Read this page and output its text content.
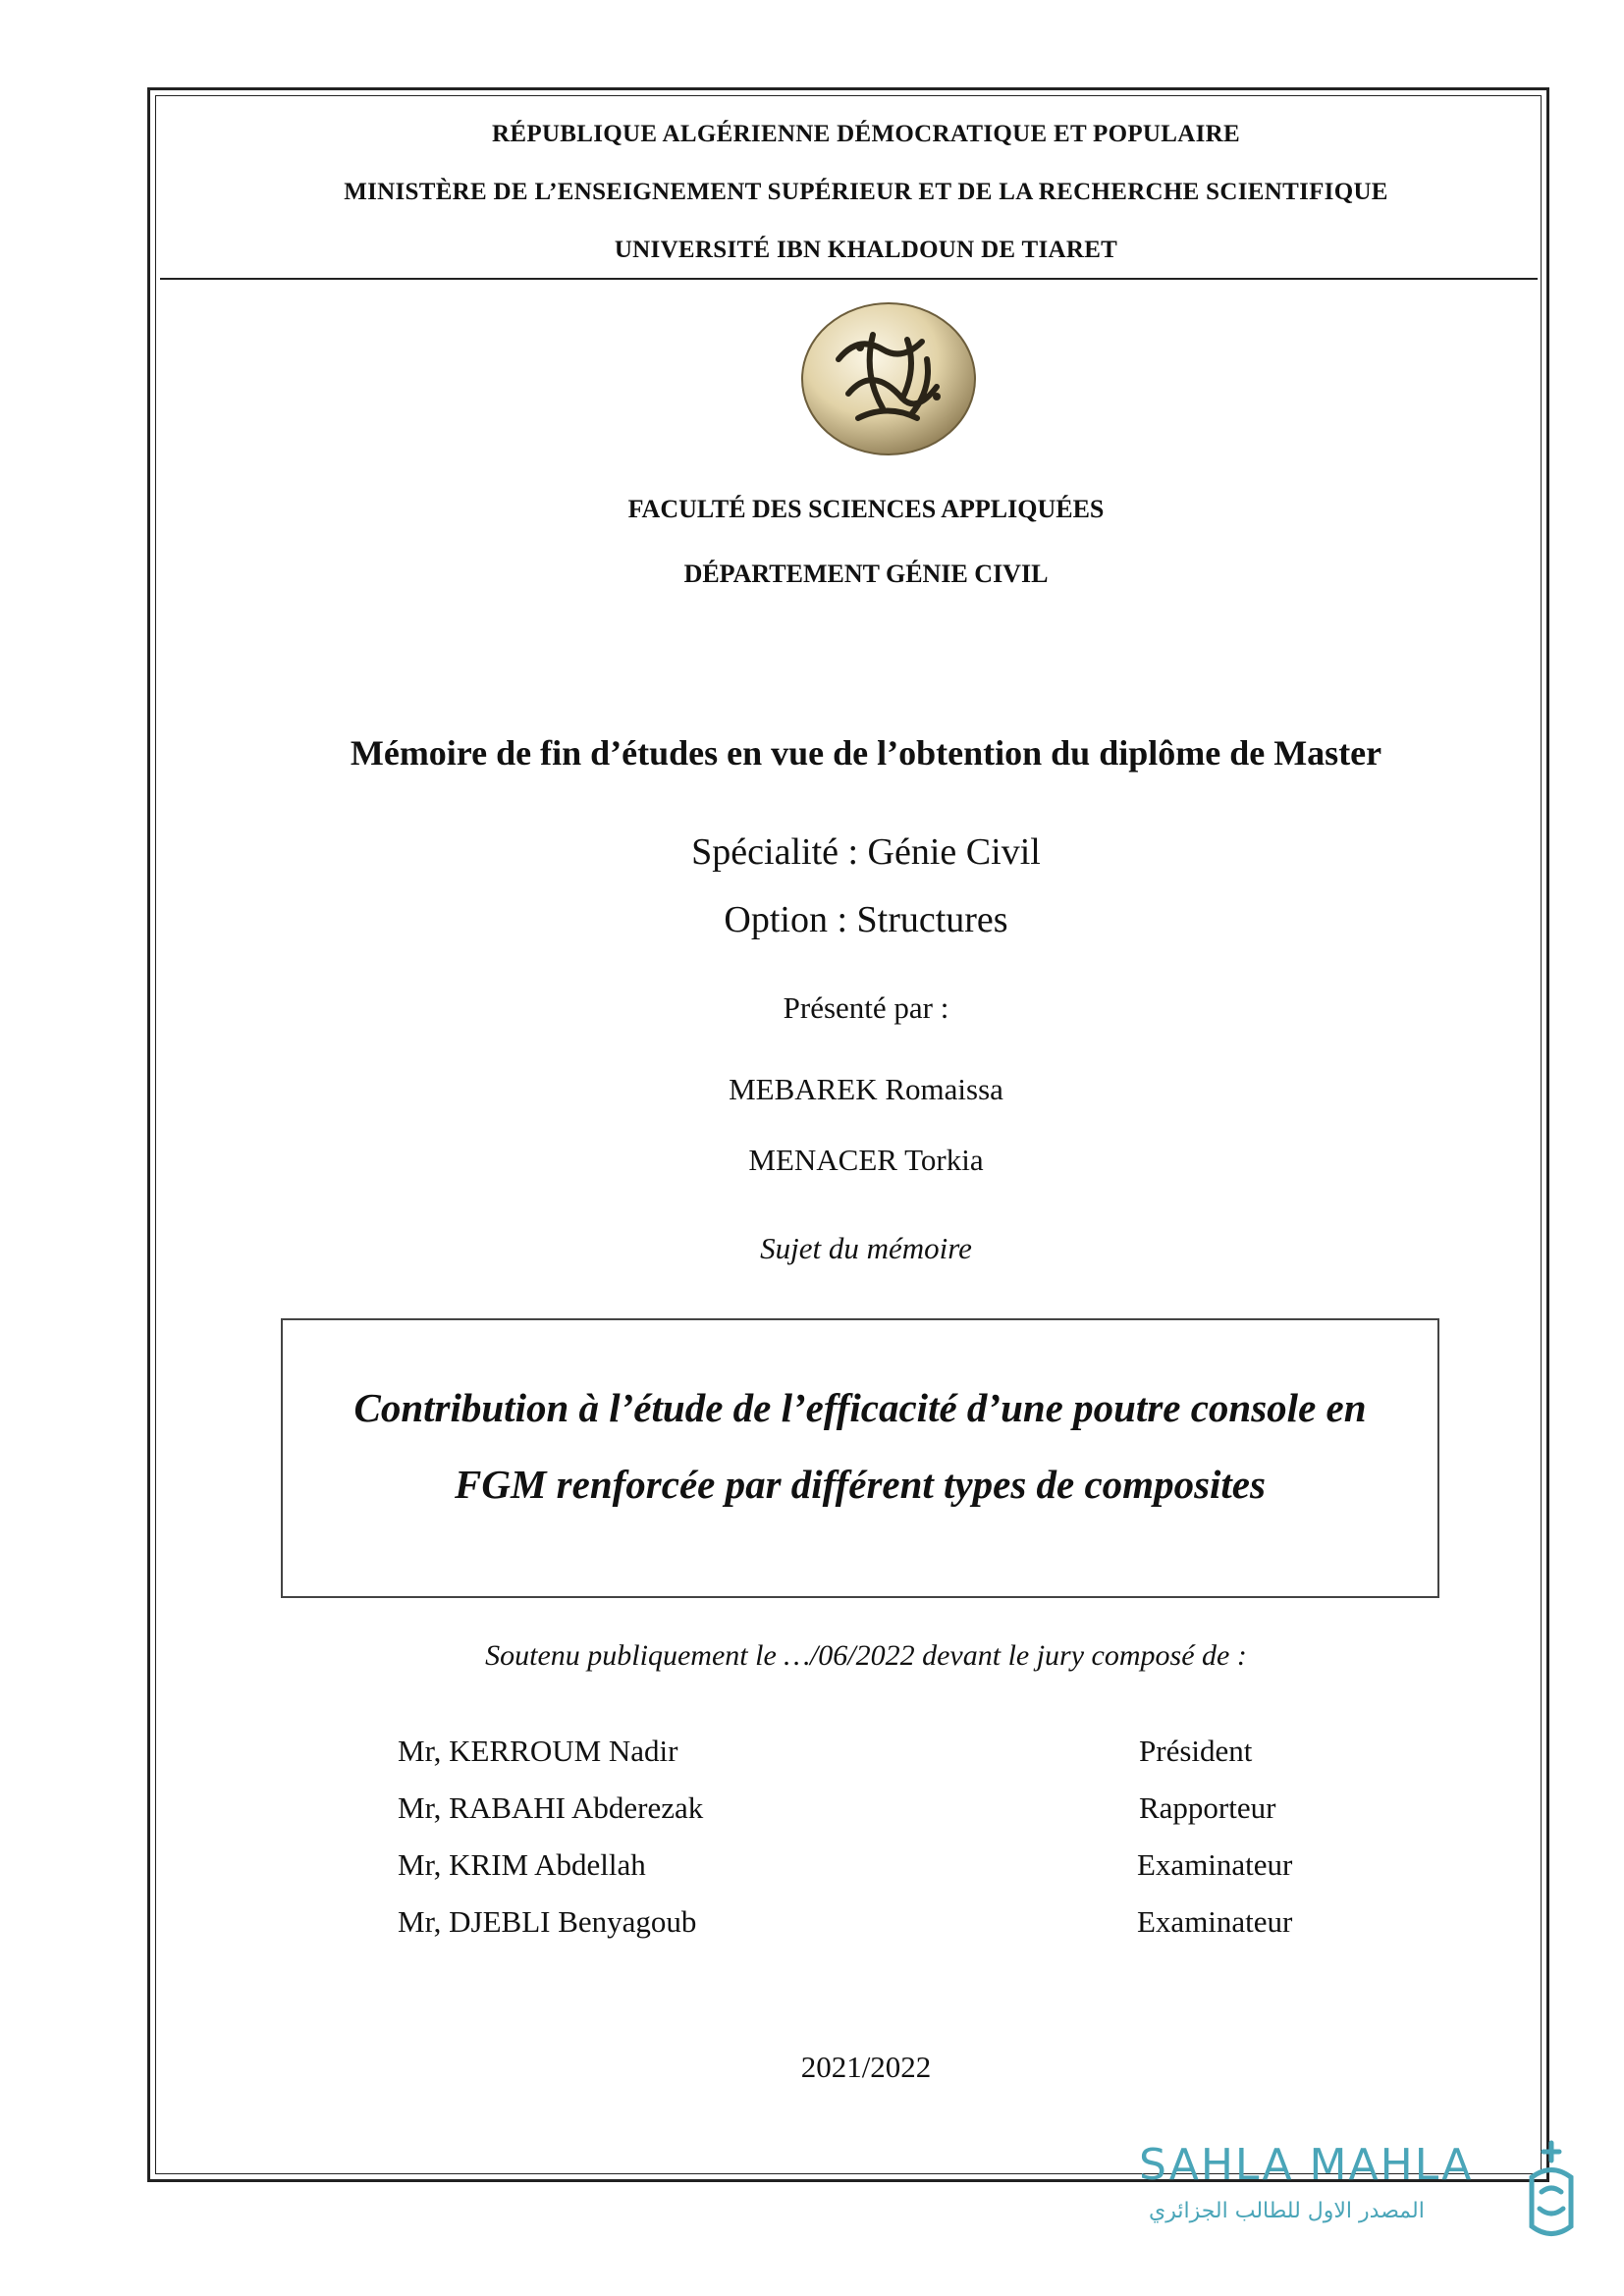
RÉPUBLIQUE ALGÉRIENNE DÉMOCRATIQUE ET POPULAIRE
MINISTÈRE DE L’ENSEIGNEMENT SUPÉRIEUR ET DE LA RECHERCHE SCIENTIFIQUE
UNIVERSITÉ IBN KHALDOUN DE TIARET
FACULTÉ DES SCIENCES APPLIQUÉES
DÉPARTEMENT GÉNIE CIVIL
Mémoire de fin d’études en vue de l’obtention du diplôme de Master
Spécialité : Génie Civil
Option : Structures
Présenté par :
MEBAREK Romaissa
MENACER Torkia
Sujet du mémoire
Contribution à l’étude de l’efficacité d’une poutre console en
FGM renforcée par différent types de composites
Soutenu publiquement le …/06/2022 devant le jury composé de :
Mr, KERROUM Nadir	Président
Mr, RABAHI Abderezak	Rapporteur
Mr, KRIM Abdellah	Examinateur
Mr, DJEBLI Benyagoub	Examinateur
2021/2022
SAHLA MAHLA
المصدر الاول للطالب الجزائري
